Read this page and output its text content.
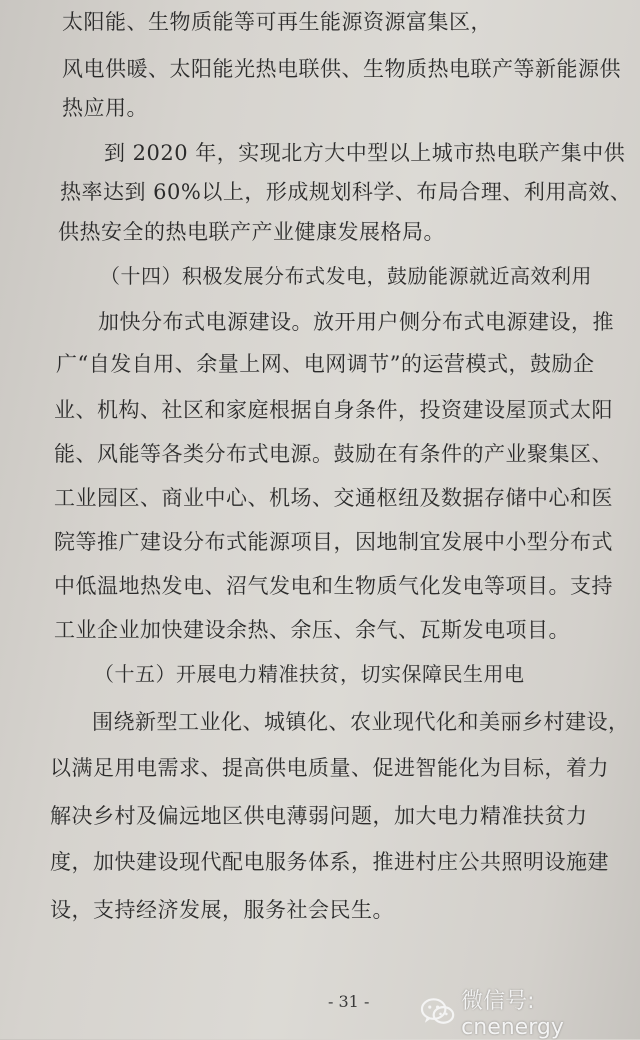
太阳能、生物质能等可再生能源资源富集区，
风电供暖、太阳能光热电联供、生物质热电联产等新能源供
热应用。
到 2020 年，实现北方大中型以上城市热电联产集中供
热率达到 60%以上，形成规划科学、布局合理、利用高效、
供热安全的热电联产产业健康发展格局。
（十四）积极发展分布式发电，鼓励能源就近高效利用
加快分布式电源建设。放开用户侧分布式电源建设，推
广“自发自用、余量上网、电网调节”的运营模式，鼓励企
业、机构、社区和家庭根据自身条件，投资建设屋顶式太阳
能、风能等各类分布式电源。鼓励在有条件的产业聚集区、
工业园区、商业中心、机场、交通枢纽及数据存储中心和医
院等推广建设分布式能源项目，因地制宜发展中小型分布式
中低温地热发电、沼气发电和生物质气化发电等项目。支持
工业企业加快建设余热、余压、余气、瓦斯发电项目。
（十五）开展电力精准扶贫，切实保障民生用电
围绕新型工业化、城镇化、农业现代化和美丽乡村建设，
以满足用电需求、提高供电质量、促进智能化为目标，着力
解决乡村及偏远地区供电薄弱问题，加大电力精准扶贫力
度，加快建设现代配电服务体系，推进村庄公共照明设施建
设，支持经济发展，服务社会民生。
- 31 -	微信号: cnenergy
